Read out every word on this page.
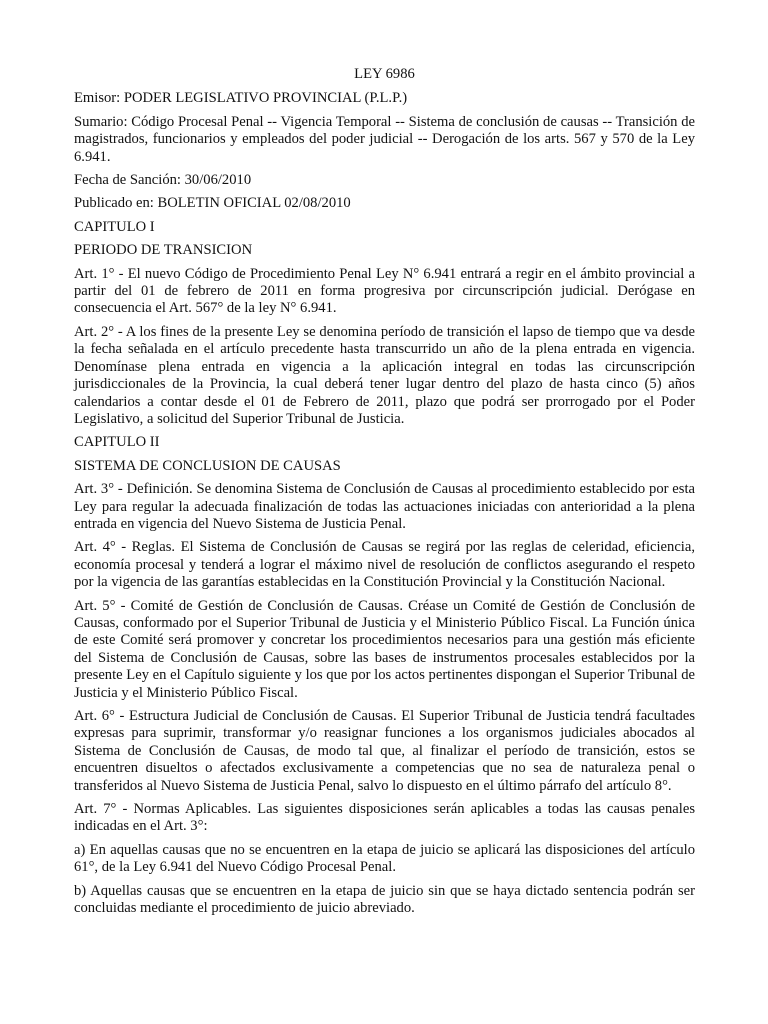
LEY 6986
Emisor: PODER LEGISLATIVO PROVINCIAL (P.L.P.)
Sumario: Código Procesal Penal -- Vigencia Temporal -- Sistema de conclusión de causas -- Transición de magistrados, funcionarios y empleados del poder judicial -- Derogación de los arts. 567 y 570 de la Ley 6.941.
Fecha de Sanción: 30/06/2010
Publicado en: BOLETIN OFICIAL 02/08/2010
CAPITULO I
PERIODO DE TRANSICION
Art. 1° - El nuevo Código de Procedimiento Penal Ley N° 6.941 entrará a regir en el ámbito provincial a partir del 01 de febrero de 2011 en forma progresiva por circunscripción judicial. Derógase en consecuencia el Art. 567° de la ley N° 6.941.
Art. 2° - A los fines de la presente Ley se denomina período de transición el lapso de tiempo que va desde la fecha señalada en el artículo precedente hasta transcurrido un año de la plena entrada en vigencia. Denomínase plena entrada en vigencia a la aplicación integral en todas las circunscripción jurisdiccionales de la Provincia, la cual deberá tener lugar dentro del plazo de hasta cinco (5) años calendarios a contar desde el 01 de Febrero de 2011, plazo que podrá ser prorrogado por el Poder Legislativo, a solicitud del Superior Tribunal de Justicia.
CAPITULO II
SISTEMA DE CONCLUSION DE CAUSAS
Art. 3° - Definición. Se denomina Sistema de Conclusión de Causas al procedimiento establecido por esta Ley para regular la adecuada finalización de todas las actuaciones iniciadas con anterioridad a la plena entrada en vigencia del Nuevo Sistema de Justicia Penal.
Art. 4° - Reglas. El Sistema de Conclusión de Causas se regirá por las reglas de celeridad, eficiencia, economía procesal y tenderá a lograr el máximo nivel de resolución de conflictos asegurando el respeto por la vigencia de las garantías establecidas en la Constitución Provincial y la Constitución Nacional.
Art. 5° - Comité de Gestión de Conclusión de Causas. Créase un Comité de Gestión de Conclusión de Causas, conformado por el Superior Tribunal de Justicia y el Ministerio Público Fiscal. La Función única de este Comité será promover y concretar los procedimientos necesarios para una gestión más eficiente del Sistema de Conclusión de Causas, sobre las bases de instrumentos procesales establecidos por la presente Ley en el Capítulo siguiente y los que por los actos pertinentes dispongan el Superior Tribunal de Justicia y el Ministerio Público Fiscal.
Art. 6° - Estructura Judicial de Conclusión de Causas. El Superior Tribunal de Justicia tendrá facultades expresas para suprimir, transformar y/o reasignar funciones a los organismos judiciales abocados al Sistema de Conclusión de Causas, de modo tal que, al finalizar el período de transición, estos se encuentren disueltos o afectados exclusivamente a competencias que no sea de naturaleza penal o transferidos al Nuevo Sistema de Justicia Penal, salvo lo dispuesto en el último párrafo del artículo 8°.
Art. 7° - Normas Aplicables. Las siguientes disposiciones serán aplicables a todas las causas penales indicadas en el Art. 3°:
a) En aquellas causas que no se encuentren en la etapa de juicio se aplicará las disposiciones del artículo 61°, de la Ley 6.941 del Nuevo Código Procesal Penal.
b) Aquellas causas que se encuentren en la etapa de juicio sin que se haya dictado sentencia podrán ser concluidas mediante el procedimiento de juicio abreviado.
